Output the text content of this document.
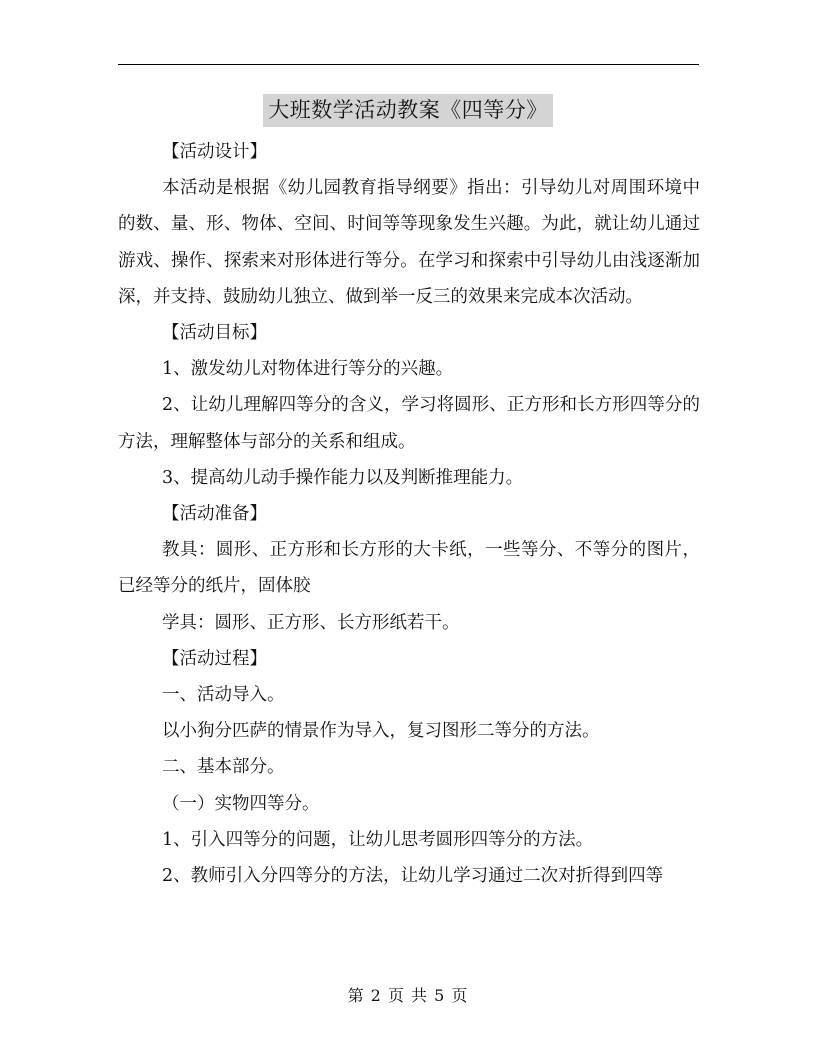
大班数学活动教案《四等分》

【活动设计】

本活动是根据《幼儿园教育指导纲要》指出：引导幼儿对周围环境中的数、量、形、物体、空间、时间等等现象发生兴趣。为此，就让幼儿通过游戏、操作、探索来对形体进行等分。在学习和探索中引导幼儿由浅逐渐加深，并支持、鼓励幼儿独立、做到举一反三的效果来完成本次活动。

【活动目标】

1、激发幼儿对物体进行等分的兴趣。

2、让幼儿理解四等分的含义，学习将圆形、正方形和长方形四等分的方法，理解整体与部分的关系和组成。

3、提高幼儿动手操作能力以及判断推理能力。

【活动准备】

教具：圆形、正方形和长方形的大卡纸，一些等分、不等分的图片，已经等分的纸片，固体胶

学具：圆形、正方形、长方形纸若干。

【活动过程】

一、活动导入。

以小狗分匹萨的情景作为导入，复习图形二等分的方法。

二、基本部分。

（一）实物四等分。

1、引入四等分的问题，让幼儿思考圆形四等分的方法。

2、教师引入分四等分的方法，让幼儿学习通过二次对折得到四等

第 2 页 共 5 页
